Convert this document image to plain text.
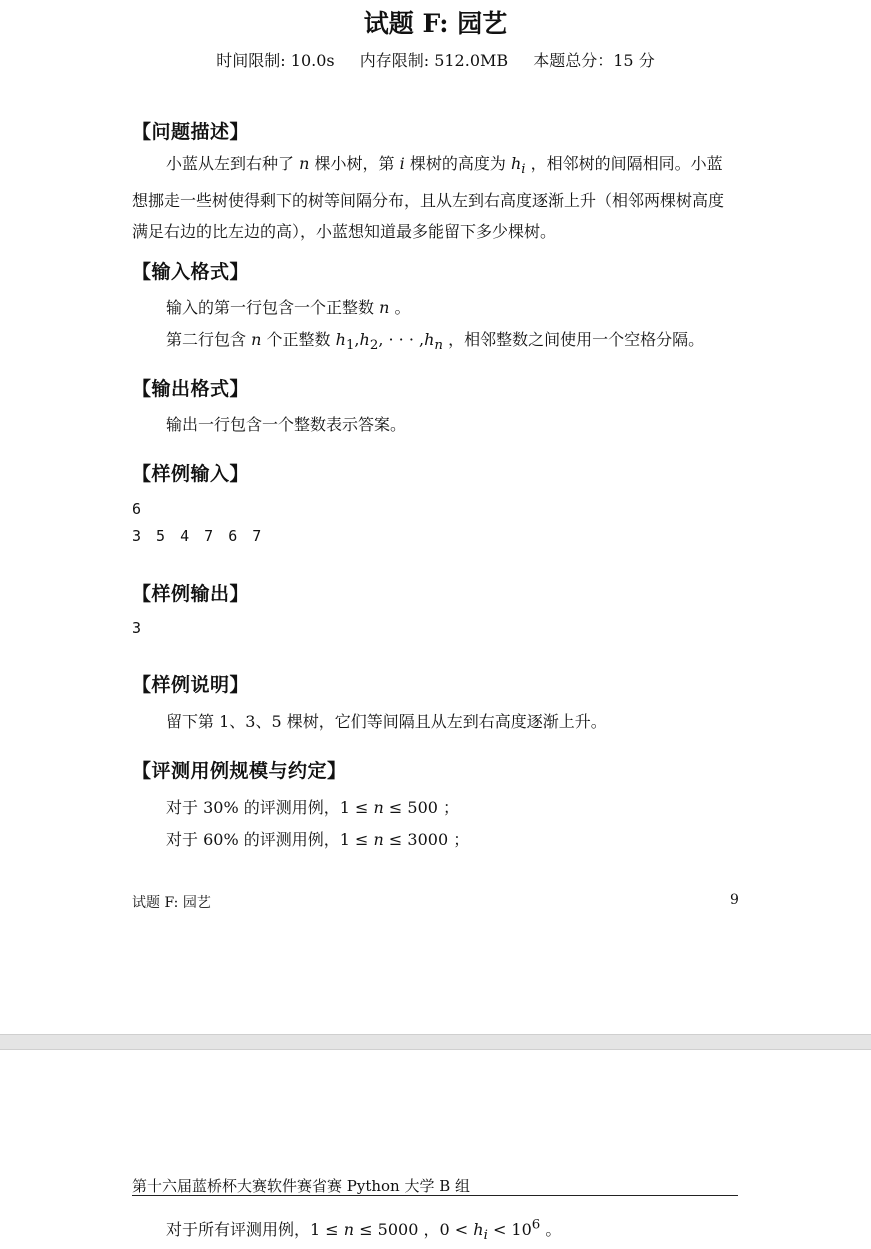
试题 F: 园艺
时间限制: 10.0s 内存限制: 512.0MB 本题总分：15 分
【问题描述】
小蓝从左到右种了 n 棵小树，第 i 棵树的高度为 $h_i$ ，相邻树的间隔相同。小蓝想挪走一些树使得剩下的树等间隔分布，且从左到右高度逐渐上升（相邻两棵树高度满足右边的比左边的高），小蓝想知道最多能留下多少棵树。
【输入格式】
输入的第一行包含一个正整数 n 。
第二行包含 n 个正整数 $h_1,h_2$, · · · $,h_n$ ，相邻整数之间使用一个空格分隔。
【输出格式】
输出一行包含一个整数表示答案。
【样例输入】
6
3 5 4 7 6 7
【样例输出】
3
【样例说明】
留下第 1、3、5 棵树，它们等间隔且从左到右高度逐渐上升。
【评测用例规模与约定】
对于 30% 的评测用例，1 ≤ n ≤ 500 ；
对于 60% 的评测用例，1 ≤ n ≤ 3000 ；
试题 F: 园艺	9
第十六届蓝桥杯大赛软件赛省赛 Python 大学 B 组
对于所有评测用例，1 ≤ n ≤ 5000 ，$0 < h_i < 10^6$ 。
